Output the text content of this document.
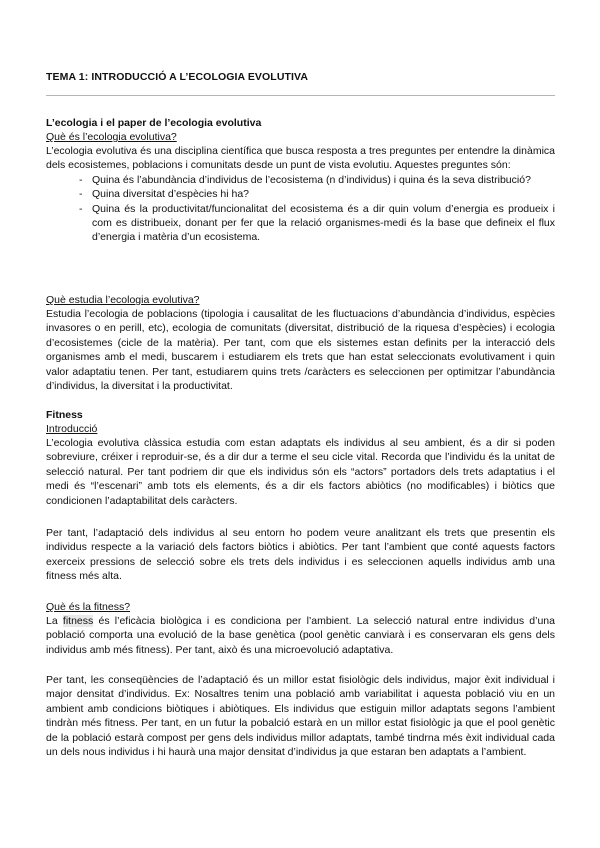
TEMA 1: INTRODUCCIÓ A L’ECOLOGIA EVOLUTIVA
L’ecologia i el paper de l’ecologia evolutiva
Què és l’ecologia evolutiva?

L’ecologia evolutiva és una disciplina científica que busca resposta a tres preguntes per entendre la dinàmica dels ecosistemes, poblacions i comunitats desde un punt de vista evolutiu. Aquestes preguntes són:

- Quina és l’abundància d’individus de l’ecosistema (n d’individus) i quina és la seva distribució?
- Quina diversitat d’espècies hi ha?
- Quina és la productivitat/funcionalitat del ecosistema és a dir quin volum d’energia es produeix i com es distribueix, donant per fer que la relació organismes-medi és la base que defineix el flux d’energia i matèria d’un ecosistema.
Què estudia l’ecologia evolutiva?

Estudia l’ecologia de poblacions (tipologia i causalitat de les fluctuacions d’abundància d’individus, espècies invasores o en perill, etc), ecologia de comunitats (diversitat, distribució de la riquesa d’espècies) i ecologia d’ecosistemes (cicle de la matèria). Per tant, com que els sistemes estan definits per la interacció dels organismes amb el medi, buscarem i estudiarem els trets que han estat seleccionats evolutivament i quin valor adaptatiu tenen. Per tant, estudiarem quins trets /caràcters es seleccionen per optimitzar l’abundància d’individus, la diversitat i la productivitat.

Fitness
Introducció

L’ecologia evolutiva clàssica estudia com estan adaptats els individus al seu ambient, és a dir si poden sobreviure, créixer i reproduir-se, és a dir dur a terme el seu cicle vital. Recorda que l’individu és la unitat de selecció natural. Per tant podriem dir que els individus són els “actors” portadors dels trets adaptatius i el medi és “l’escenari” amb tots els elements, és a dir els factors abiòtics (no modificables) i biòtics que condicionen l’adaptabilitat dels caràcters.

Per tant, l’adaptació dels individus al seu entorn ho podem veure analitzant els trets que presentin els individus respecte a la variació dels factors biòtics i abiòtics. Per tant l’ambient que conté aquests factors exerceix pressions de selecció sobre els trets dels individus i es seleccionen aquells individus amb una fitness més alta.

Què és la fitness?

La fitness és l’eficàcia biològica i es condiciona per l’ambient. La selecció natural entre individus d’una població comporta una evolució de la base genètica (pool genètic canviarà i es conservaran els gens dels individus amb més fitness). Per tant, això és una microevolució adaptativa.

Per tant, les conseqüències de l’adaptació és un millor estat fisiològic dels individus, major èxit individual i major densitat d’individus. Ex: Nosaltres tenim una població amb variabilitat i aquesta població viu en un ambient amb condicions biòtiques i abiòtiques. Els individus que estiguin millor adaptats segons l’ambient tindràn més fitness. Per tant, en un futur la pobalció estarà en un millor estat fisiològic ja que el pool genètic de la població estarà compost per gens dels individus millor adaptats, també tindrna més èxit individual cada un dels nous individus i hi haurà una major densitat d’individus ja que estaran ben adaptats a l’ambient.
